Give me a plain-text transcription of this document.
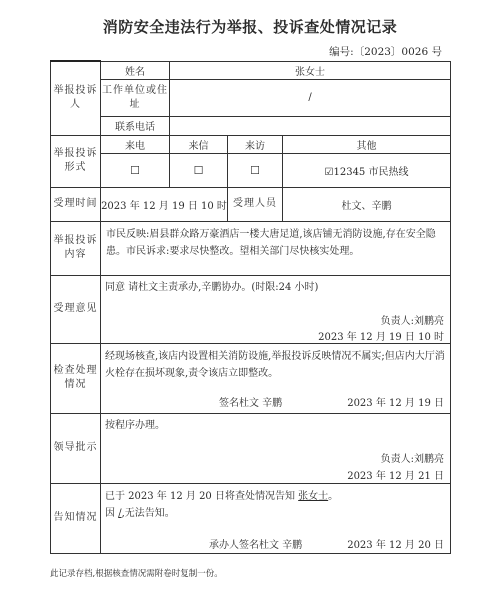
消防安全违法行为举报、投诉查处情况记录
编号:〔2023〕0026 号
举报投诉人	姓名	张女士		
	工作单位或住址	/		
	联系电话			
举报投诉形式	来电	来信	来访	其他
	☐	☐	☐	☑12345 市民热线
受理时间	2023 年 12 月 19 日 10 时		受理人员	杜文、辛鹏
举报投诉内容	市民反映:眉县群众路万豪酒店一楼大唐足道,该店铺无消防设施,存在安全隐患。市民诉求:要求尽快整改。望相关部门尽快核实处理。			
受理意见	同意 请杜文主责承办,辛鹏协办。(时限:24 小时)
负责人:刘鹏亮
2023 年 12 月 19 日 10 时			

检查处理情况	经现场核查,该店内设置相关消防设施,举报投诉反映情况不属实;但店内大厅消火栓存在损坏现象,责令该店立即整改。
签名杜文 辛鹏 2023 年 12 月 19 日			

领导批示	按程序办理。
负责人:刘鹏亮
2023 年 12 月 21 日			

告知情况	已于 2023 年 12 月 20 日将查处情况告知 张女士。
因 /,无法告知。
承办人签名杜文 辛鹏 2023 年 12 月 20 日			
此记录存档,根据核查情况需附卷时复制一份。
